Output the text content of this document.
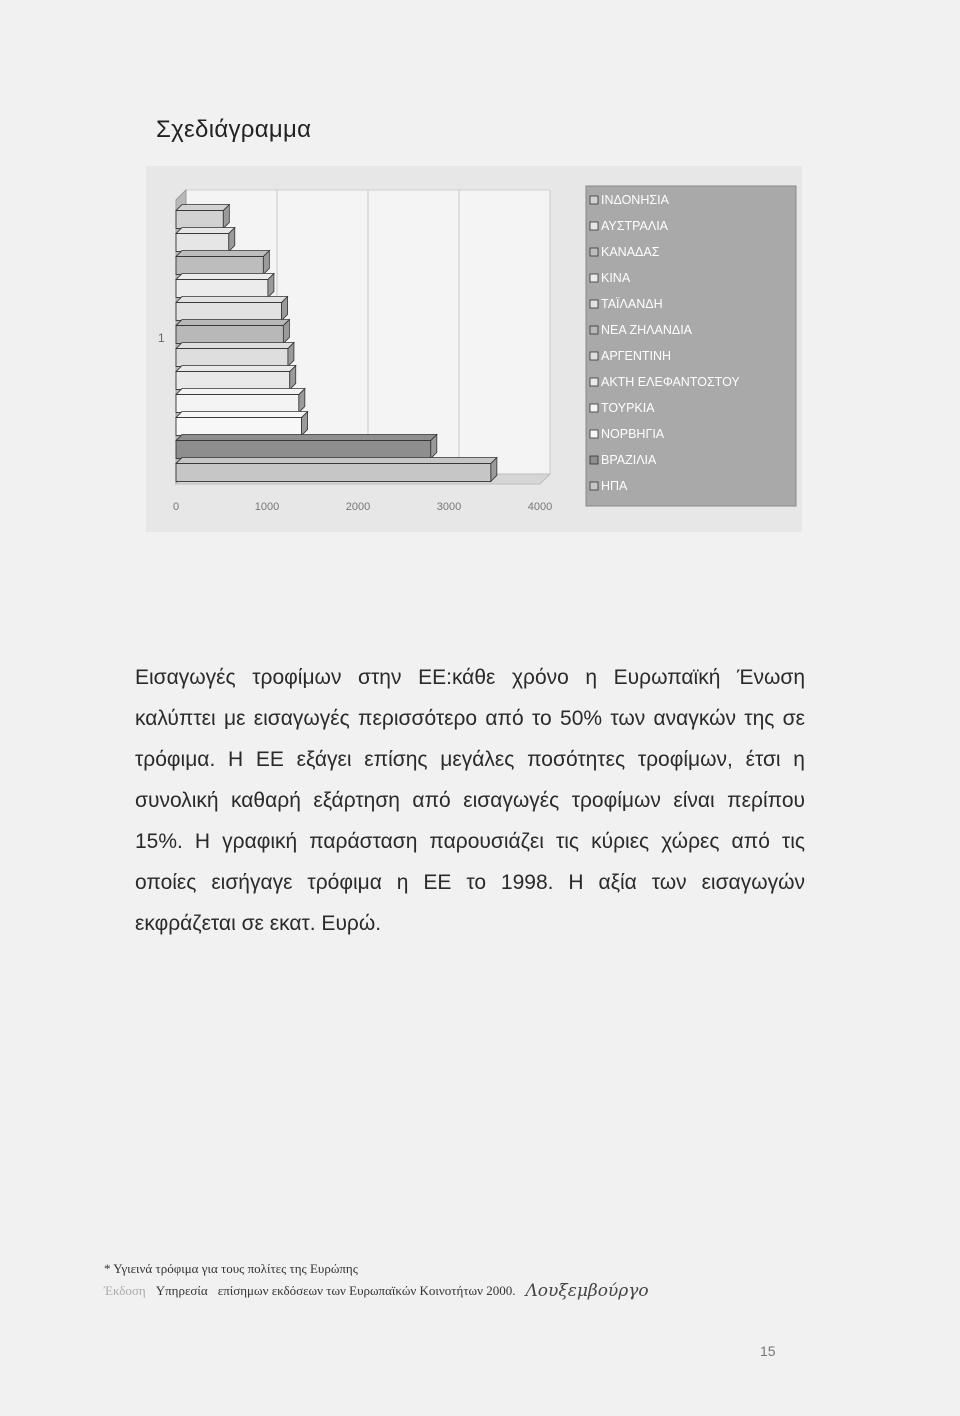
Σχεδιάγραμμα
0	1000	2000	3000	4000
1
ΙΝΔΟΝΗΣΙΑ
ΑΥΣΤΡΑΛΙΑ
ΚΑΝΑΔΑΣ
ΚΙΝΑ
ΤΑΪΛΑΝΔΗ
ΝΕΑ ΖΗΛΑΝΔΙΑ
ΑΡΓΕΝΤΙΝΗ
ΑΚΤΗ ΕΛΕΦΑΝΤΟΣΤΟΥ
ΤΟΥΡΚΙΑ
ΝΟΡΒΗΓΙΑ
ΒΡΑΖΙΛΙΑ
ΗΠΑ
Εισαγωγές τροφίμων στην ΕΕ:κάθε χρόνο η Ευρωπαϊκή Ένωση καλύπτει με εισαγωγές περισσότερο από το 50% των αναγκών της σε τρόφιμα. Η ΕΕ εξάγει επίσης μεγάλες ποσότητες τροφίμων, έτσι η συνολική καθαρή εξάρτηση από εισαγωγές τροφίμων είναι περίπου 15%. Η γραφική παράσταση παρουσιάζει τις κύριες χώρες από τις οποίες εισήγαγε τρόφιμα η ΕΕ το 1998. Η αξία των εισαγωγών εκφράζεται σε εκατ. Ευρώ.
* Υγιεινά τρόφιμα για τους πολίτες της Ευρώπης
Έκδοση Υπηρεσία επίσημων εκδόσεων των Ευρωπαϊκών Κοινοτήτων 2000. Λουξεμβούργο
15
